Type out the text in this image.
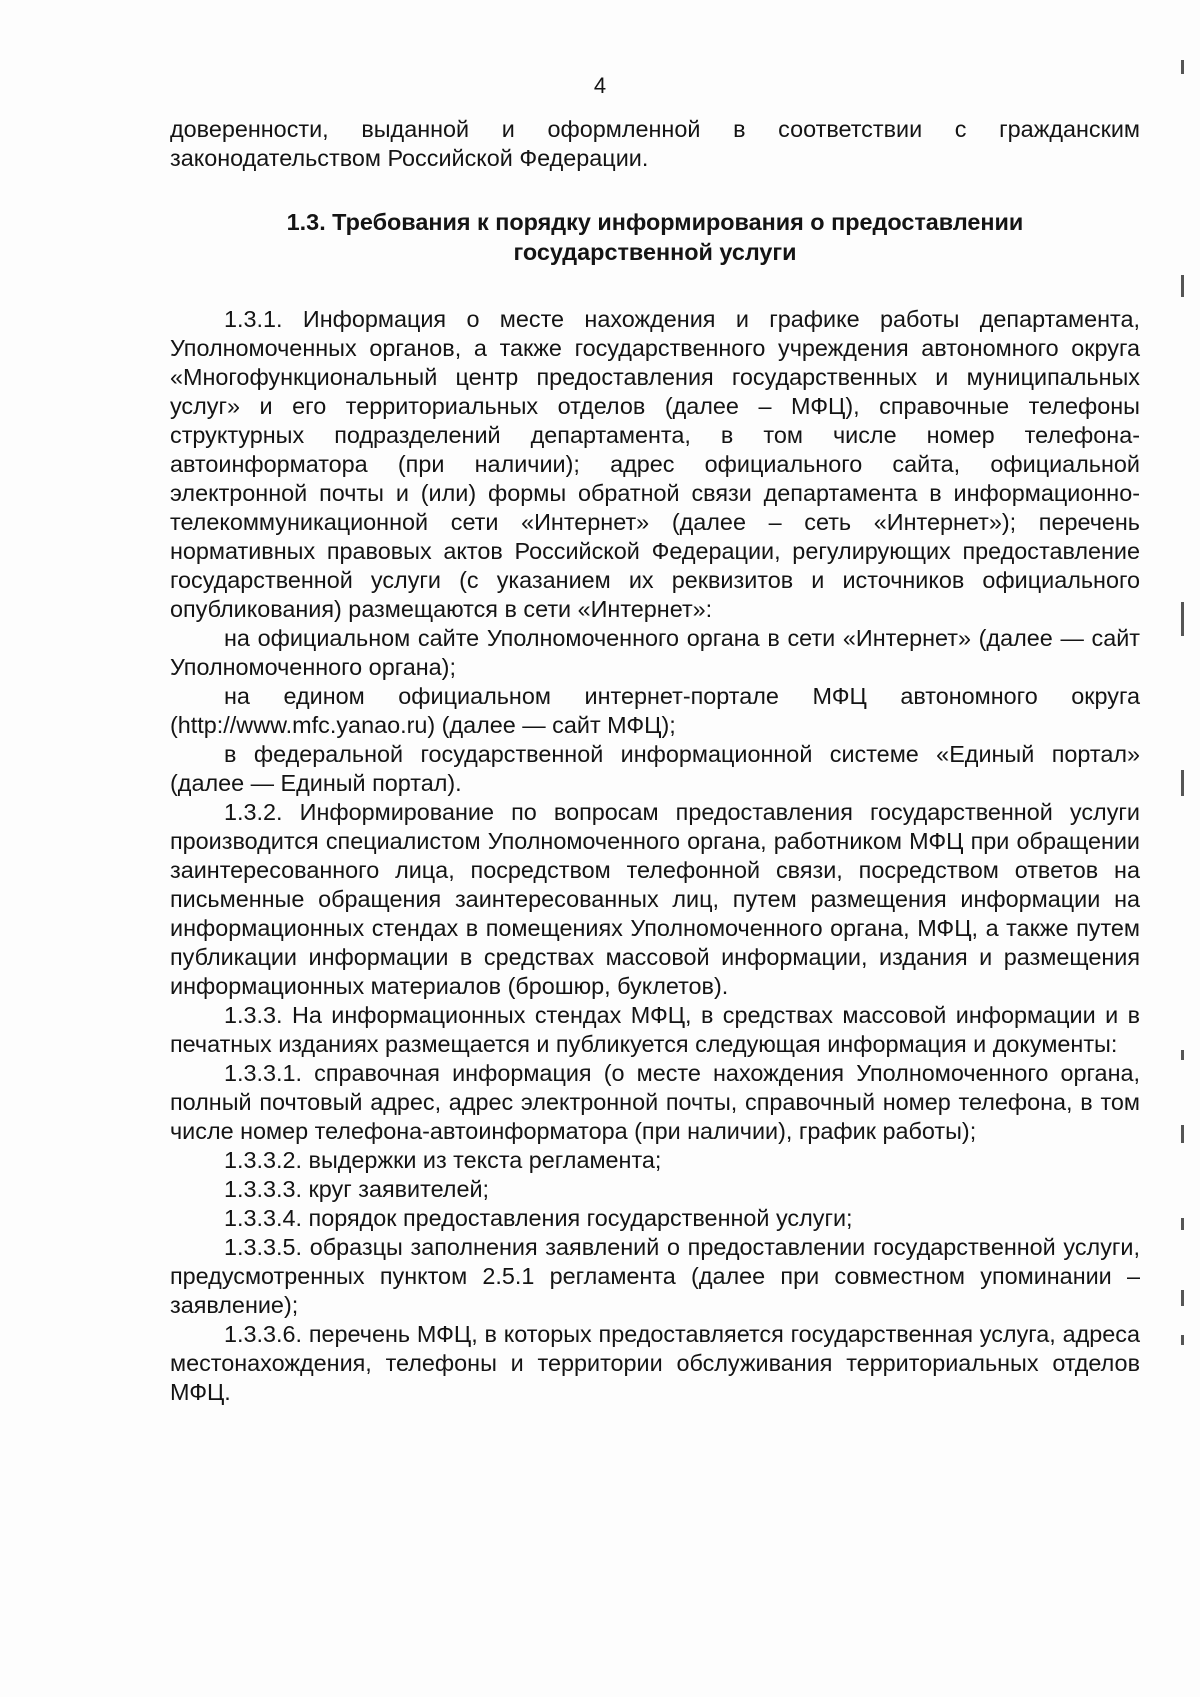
4
доверенности, выданной и оформленной в соответствии с гражданским законодательством Российской Федерации.
1.3. Требования к порядку информирования о предоставлении
государственной услуги

1.3.1. Информация о месте нахождения и графике работы департамента, Уполномоченных органов, а также государственного учреждения автономного округа «Многофункциональный центр предоставления государственных и муниципальных услуг» и его территориальных отделов (далее – МФЦ), справочные телефоны структурных подразделений департамента, в том числе номер телефона-автоинформатора (при наличии); адрес официального сайта, официальной электронной почты и (или) формы обратной связи департамента в информационно-телекоммуникационной сети «Интернет» (далее – сеть «Интернет»); перечень нормативных правовых актов Российской Федерации, регулирующих предоставление государственной услуги (с указанием их реквизитов и источников официального опубликования) размещаются в сети «Интернет»:

на официальном сайте Уполномоченного органа в сети «Интернет» (далее — сайт Уполномоченного органа);

на едином официальном интернет-портале МФЦ автономного округа (http://www.mfc.yanao.ru) (далее — сайт МФЦ);

в федеральной государственной информационной системе «Единый портал» (далее — Единый портал).

1.3.2. Информирование по вопросам предоставления государственной услуги производится специалистом Уполномоченного органа, работником МФЦ при обращении заинтересованного лица, посредством телефонной связи, посредством ответов на письменные обращения заинтересованных лиц, путем размещения информации на информационных стендах в помещениях Уполномоченного органа, МФЦ, а также путем публикации информации в средствах массовой информации, издания и размещения информационных материалов (брошюр, буклетов).

1.3.3. На информационных стендах МФЦ, в средствах массовой информации и в печатных изданиях размещается и публикуется следующая информация и документы:

1.3.3.1. справочная информация (о месте нахождения Уполномоченного органа, полный почтовый адрес, адрес электронной почты, справочный номер телефона, в том числе номер телефона-автоинформатора (при наличии), график работы);

1.3.3.2. выдержки из текста регламента;

1.3.3.3. круг заявителей;

1.3.3.4. порядок предоставления государственной услуги;

1.3.3.5. образцы заполнения заявлений о предоставлении государственной услуги, предусмотренных пунктом 2.5.1 регламента (далее при совместном упоминании – заявление);

1.3.3.6. перечень МФЦ, в которых предоставляется государственная услуга, адреса местонахождения, телефоны и территории обслуживания территориальных отделов МФЦ.
